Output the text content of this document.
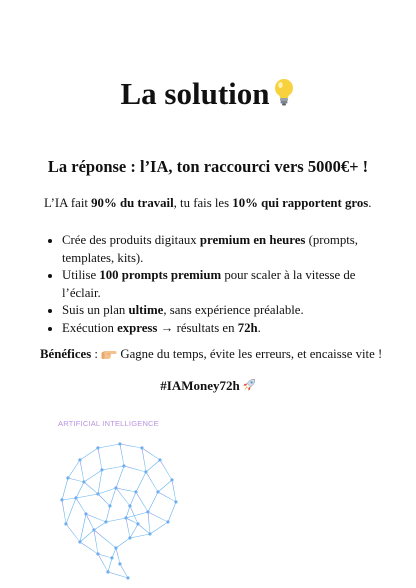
La solution
La réponse : l’IA, ton raccourci vers 5000€+ !
L’IA fait 90% du travail, tu fais les 10% qui rapportent gros.
• Crée des produits digitaux premium en heures (prompts, templates, kits).
• Utilise 100 prompts premium pour scaler à la vitesse de l’éclair.
• Suis un plan ultime, sans expérience préalable.
• Exécution express → résultats en 72h.
Bénéfices :  Gagne du temps, évite les erreurs, et encaisse vite !
#IAMoney72h
ARTIFICIAL INTELLIGENCE
